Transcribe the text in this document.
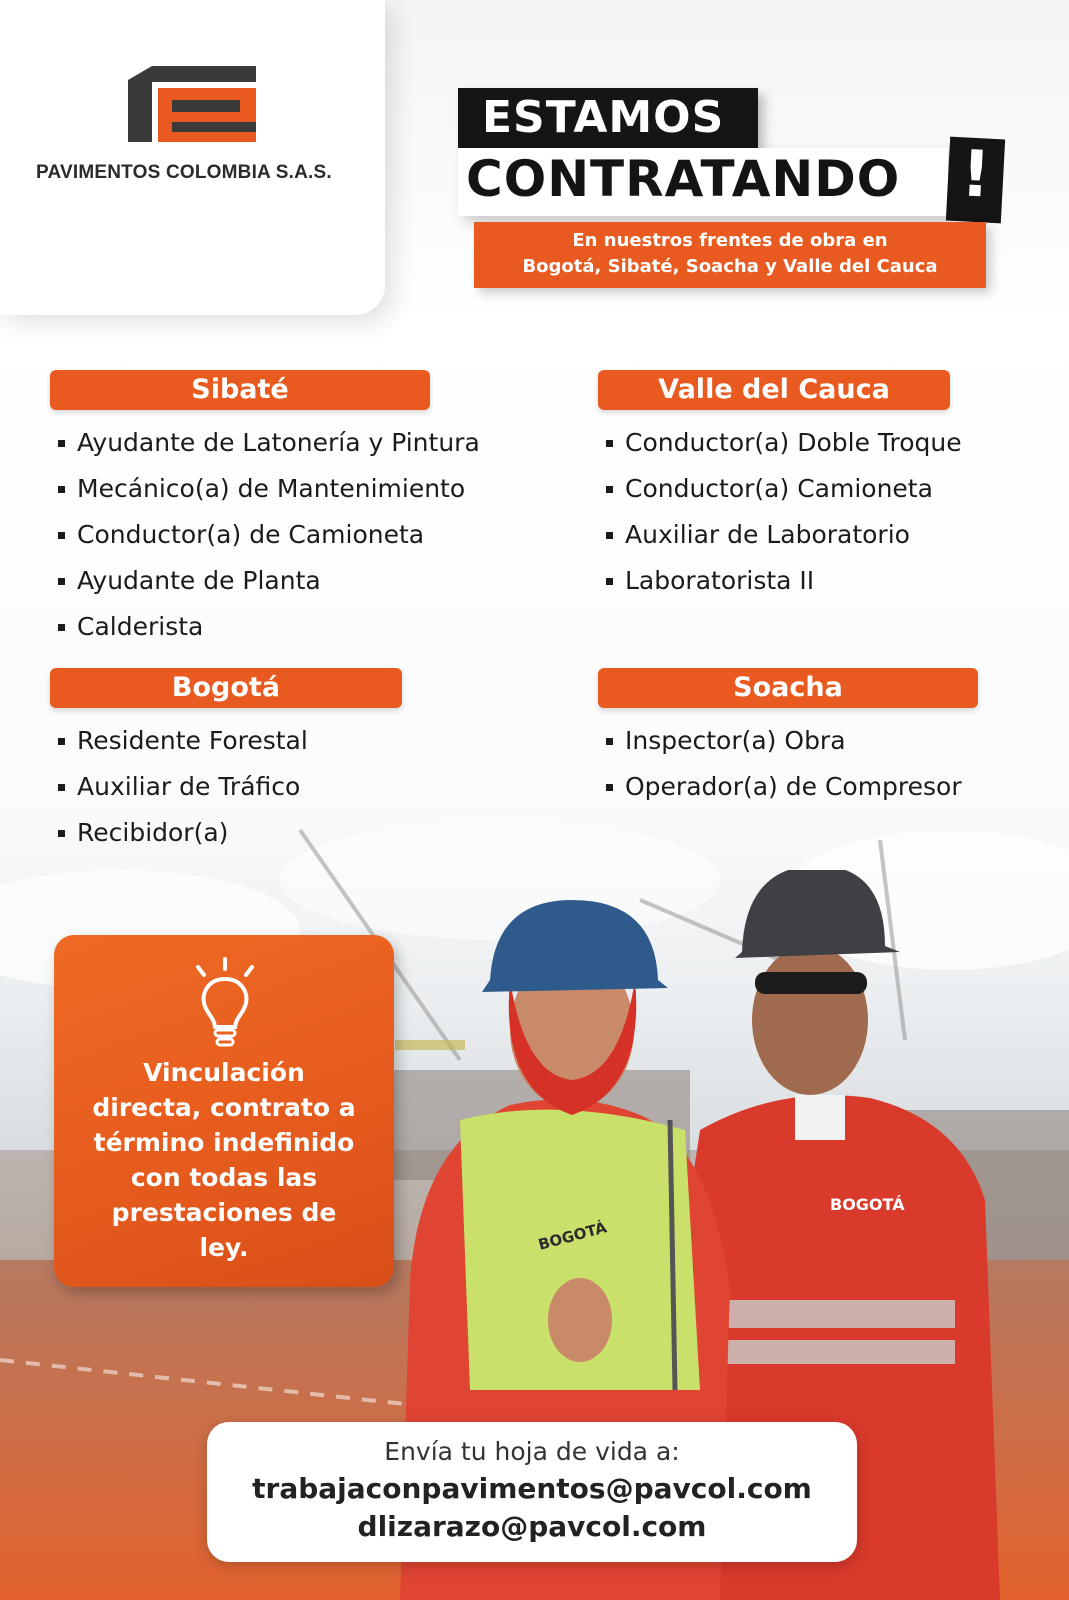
PAVIMENTOS COLOMBIA S.A.S.
ESTAMOS
CONTRATANDO !
En nuestros frentes de obra en
Bogotá, Sibaté, Soacha y Valle del Cauca
Sibaté
Ayudante de Latonería y Pintura
Mecánico(a) de Mantenimiento
Conductor(a) de Camioneta
Ayudante de Planta
Calderista
Valle del Cauca
Conductor(a) Doble Troque
Conductor(a) Camioneta
Auxiliar de Laboratorio
Laboratorista II
Bogotá
Residente Forestal
Auxiliar de Tráfico
Recibidor(a)
Soacha
Inspector(a) Obra
Operador(a) de Compresor
BOGOTÁ
BOGOTÁ
Vinculación
directa, contrato a
término indefinido
con todas las
prestaciones de
ley.
Envía tu hoja de vida a:
trabajaconpavimentos@pavcol.com
dlizarazo@pavcol.com
